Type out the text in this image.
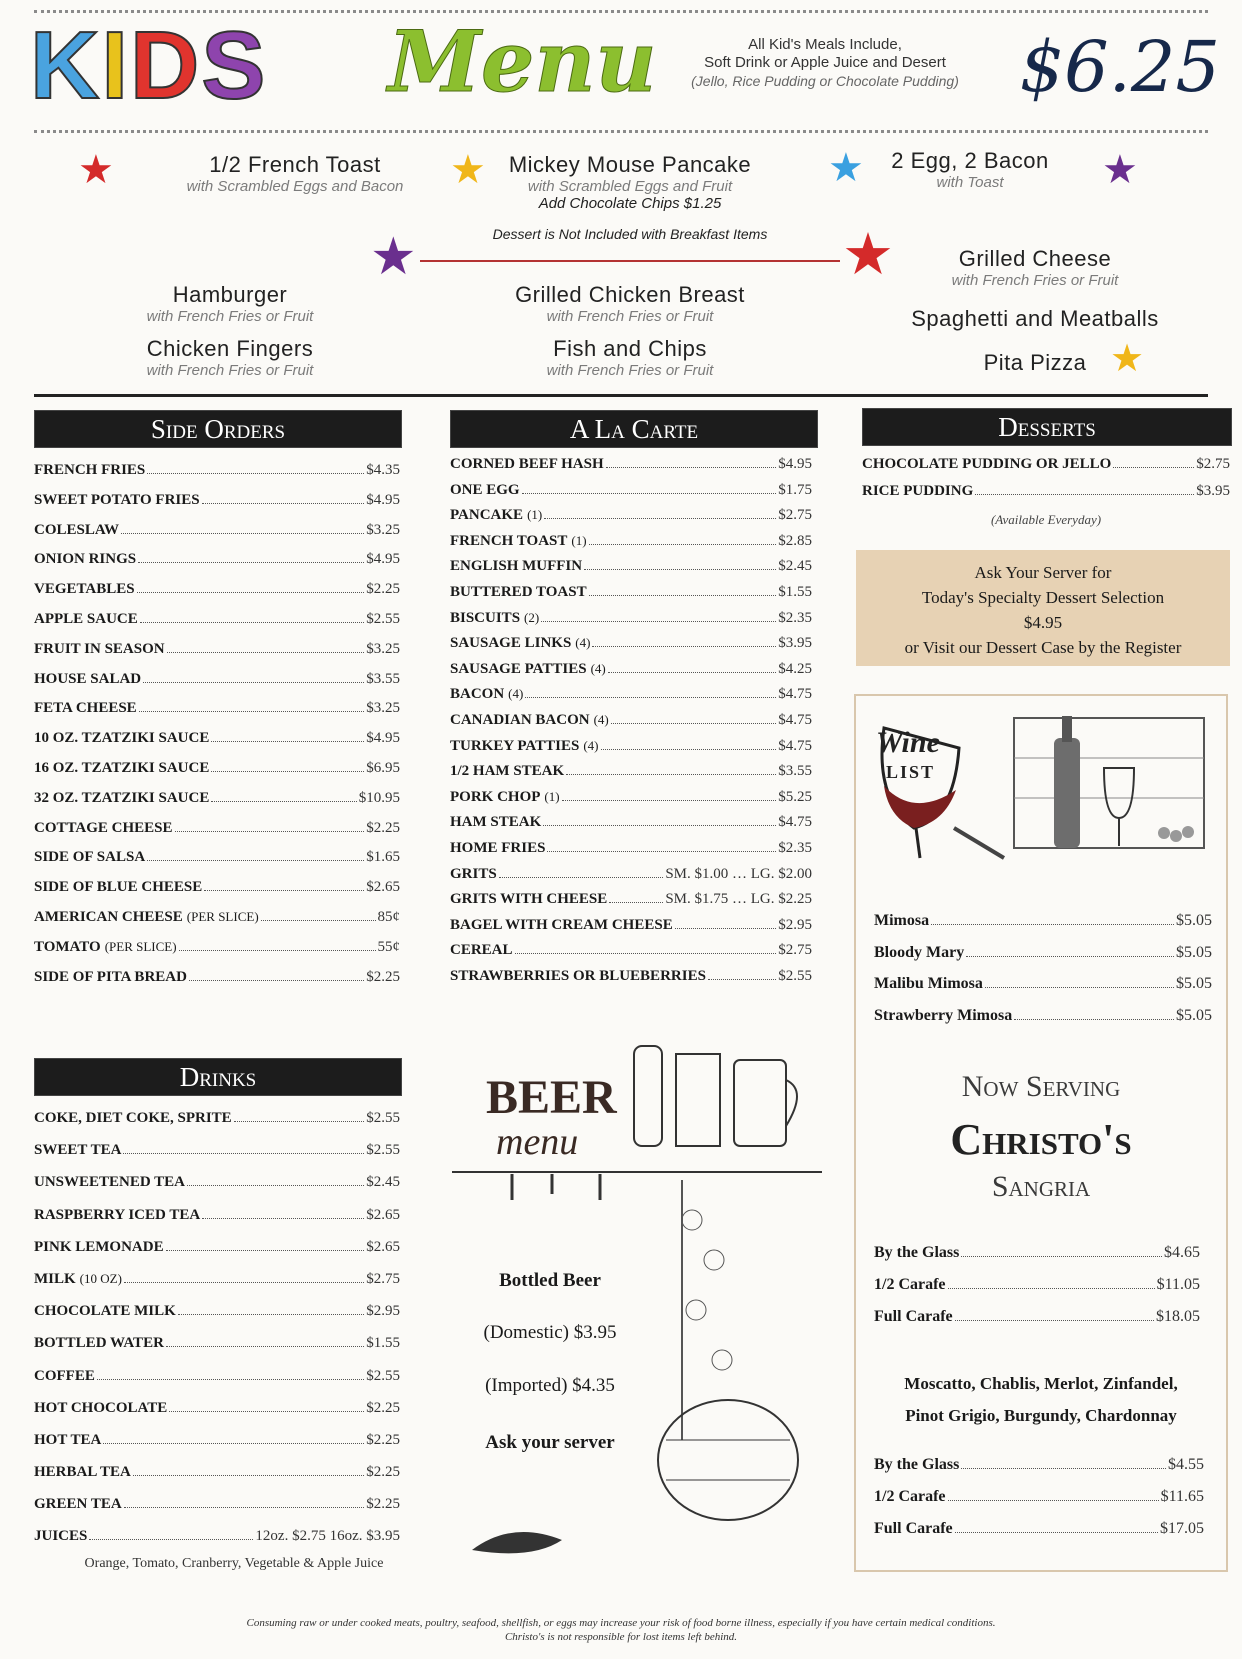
KIDS Menu	All Kid's Meals Include,
Soft Drink or Apple Juice and Desert
(Jello, Rice Pudding or Chocolate Pudding) $6.25
★	1/2 French Toast
with Scrambled Eggs and Bacon	★	Mickey Mouse Pancake
with Scrambled Eggs and Fruit
Add Chocolate Chips $1.25
★	2 Egg, 2 Bacon
with Toast	★
Dessert is Not Included with Breakfast Items
★	★
Hamburger
with French Fries or Fruit
Chicken Fingers
with French Fries or Fruit
Grilled Chicken Breast
with French Fries or Fruit
Fish and Chips
with French Fries or Fruit
Grilled Cheese
with French Fries or Fruit
Spaghetti and Meatballs
Pita Pizza ★
Side Orders
FRENCH FRIES	$4.35
SWEET POTATO FRIES	$4.95
COLESLAW	$3.25
ONION RINGS	$4.95
VEGETABLES	$2.25
APPLE SAUCE	$2.55
FRUIT IN SEASON	$3.25
HOUSE SALAD	$3.55
FETA CHEESE	$3.25
10 OZ. TZATZIKI SAUCE	$4.95
16 OZ. TZATZIKI SAUCE	$6.95
32 OZ. TZATZIKI SAUCE	$10.95
COTTAGE CHEESE	$2.25
SIDE OF SALSA	$1.65
SIDE OF BLUE CHEESE	$2.65
AMERICAN CHEESE (PER SLICE)	85¢
TOMATO (PER SLICE)	55¢
SIDE OF PITA BREAD	$2.25
A La Carte
CORNED BEEF HASH	$4.95
ONE EGG	$1.75
PANCAKE (1)	$2.75
FRENCH TOAST (1)	$2.85
ENGLISH MUFFIN	$2.45
BUTTERED TOAST	$1.55
BISCUITS (2)	$2.35
SAUSAGE LINKS (4)	$3.95
SAUSAGE PATTIES (4)	$4.25
BACON (4)	$4.75
CANADIAN BACON (4)	$4.75
TURKEY PATTIES (4)	$4.75
1/2 HAM STEAK	$3.55
PORK CHOP (1)	$5.25
HAM STEAK	$4.75
HOME FRIES	$2.35
GRITS	SM. $1.00 … LG. $2.00
GRITS WITH CHEESE	SM. $1.75 … LG. $2.25
BAGEL WITH CREAM CHEESE	$2.95
CEREAL	$2.75
STRAWBERRIES OR BLUEBERRIES	$2.55
Desserts
CHOCOLATE PUDDING OR JELLO	$2.75
RICE PUDDING	$3.95
(Available Everyday)
Ask Your Server for
Today's Specialty Dessert Selection
$4.95
or Visit our Dessert Case by the Register
Wine
LIST
Mimosa	$5.05
Bloody Mary	$5.05
Malibu Mimosa	$5.05
Strawberry Mimosa	$5.05
Now Serving
Christo's
Sangria
By the Glass	$4.65
1/2 Carafe	$11.05
Full Carafe	$18.05
Moscatto, Chablis, Merlot, Zinfandel,
Pinot Grigio, Burgundy, Chardonnay
By the Glass	$4.55
1/2 Carafe	$11.65
Full Carafe	$17.05
Drinks
COKE, DIET COKE, SPRITE	$2.55
SWEET TEA	$2.55
UNSWEETENED TEA	$2.45
RASPBERRY ICED TEA	$2.65
PINK LEMONADE	$2.65
MILK (10 OZ)	$2.75
CHOCOLATE MILK	$2.95
BOTTLED WATER	$1.55
COFFEE	$2.55
HOT CHOCOLATE	$2.25
HOT TEA	$2.25
HERBAL TEA	$2.25
GREEN TEA	$2.25
JUICES	12oz. $2.75 16oz. $3.95
Orange, Tomato, Cranberry, Vegetable & Apple Juice
BEER
menu
Bottled Beer
(Domestic) $3.95
(Imported) $4.35
Ask your server
Consuming raw or under cooked meats, poultry, seafood, shellfish, or eggs may increase your risk of food borne illness, especially if you have certain medical conditions.
Christo's is not responsible for lost items left behind.
